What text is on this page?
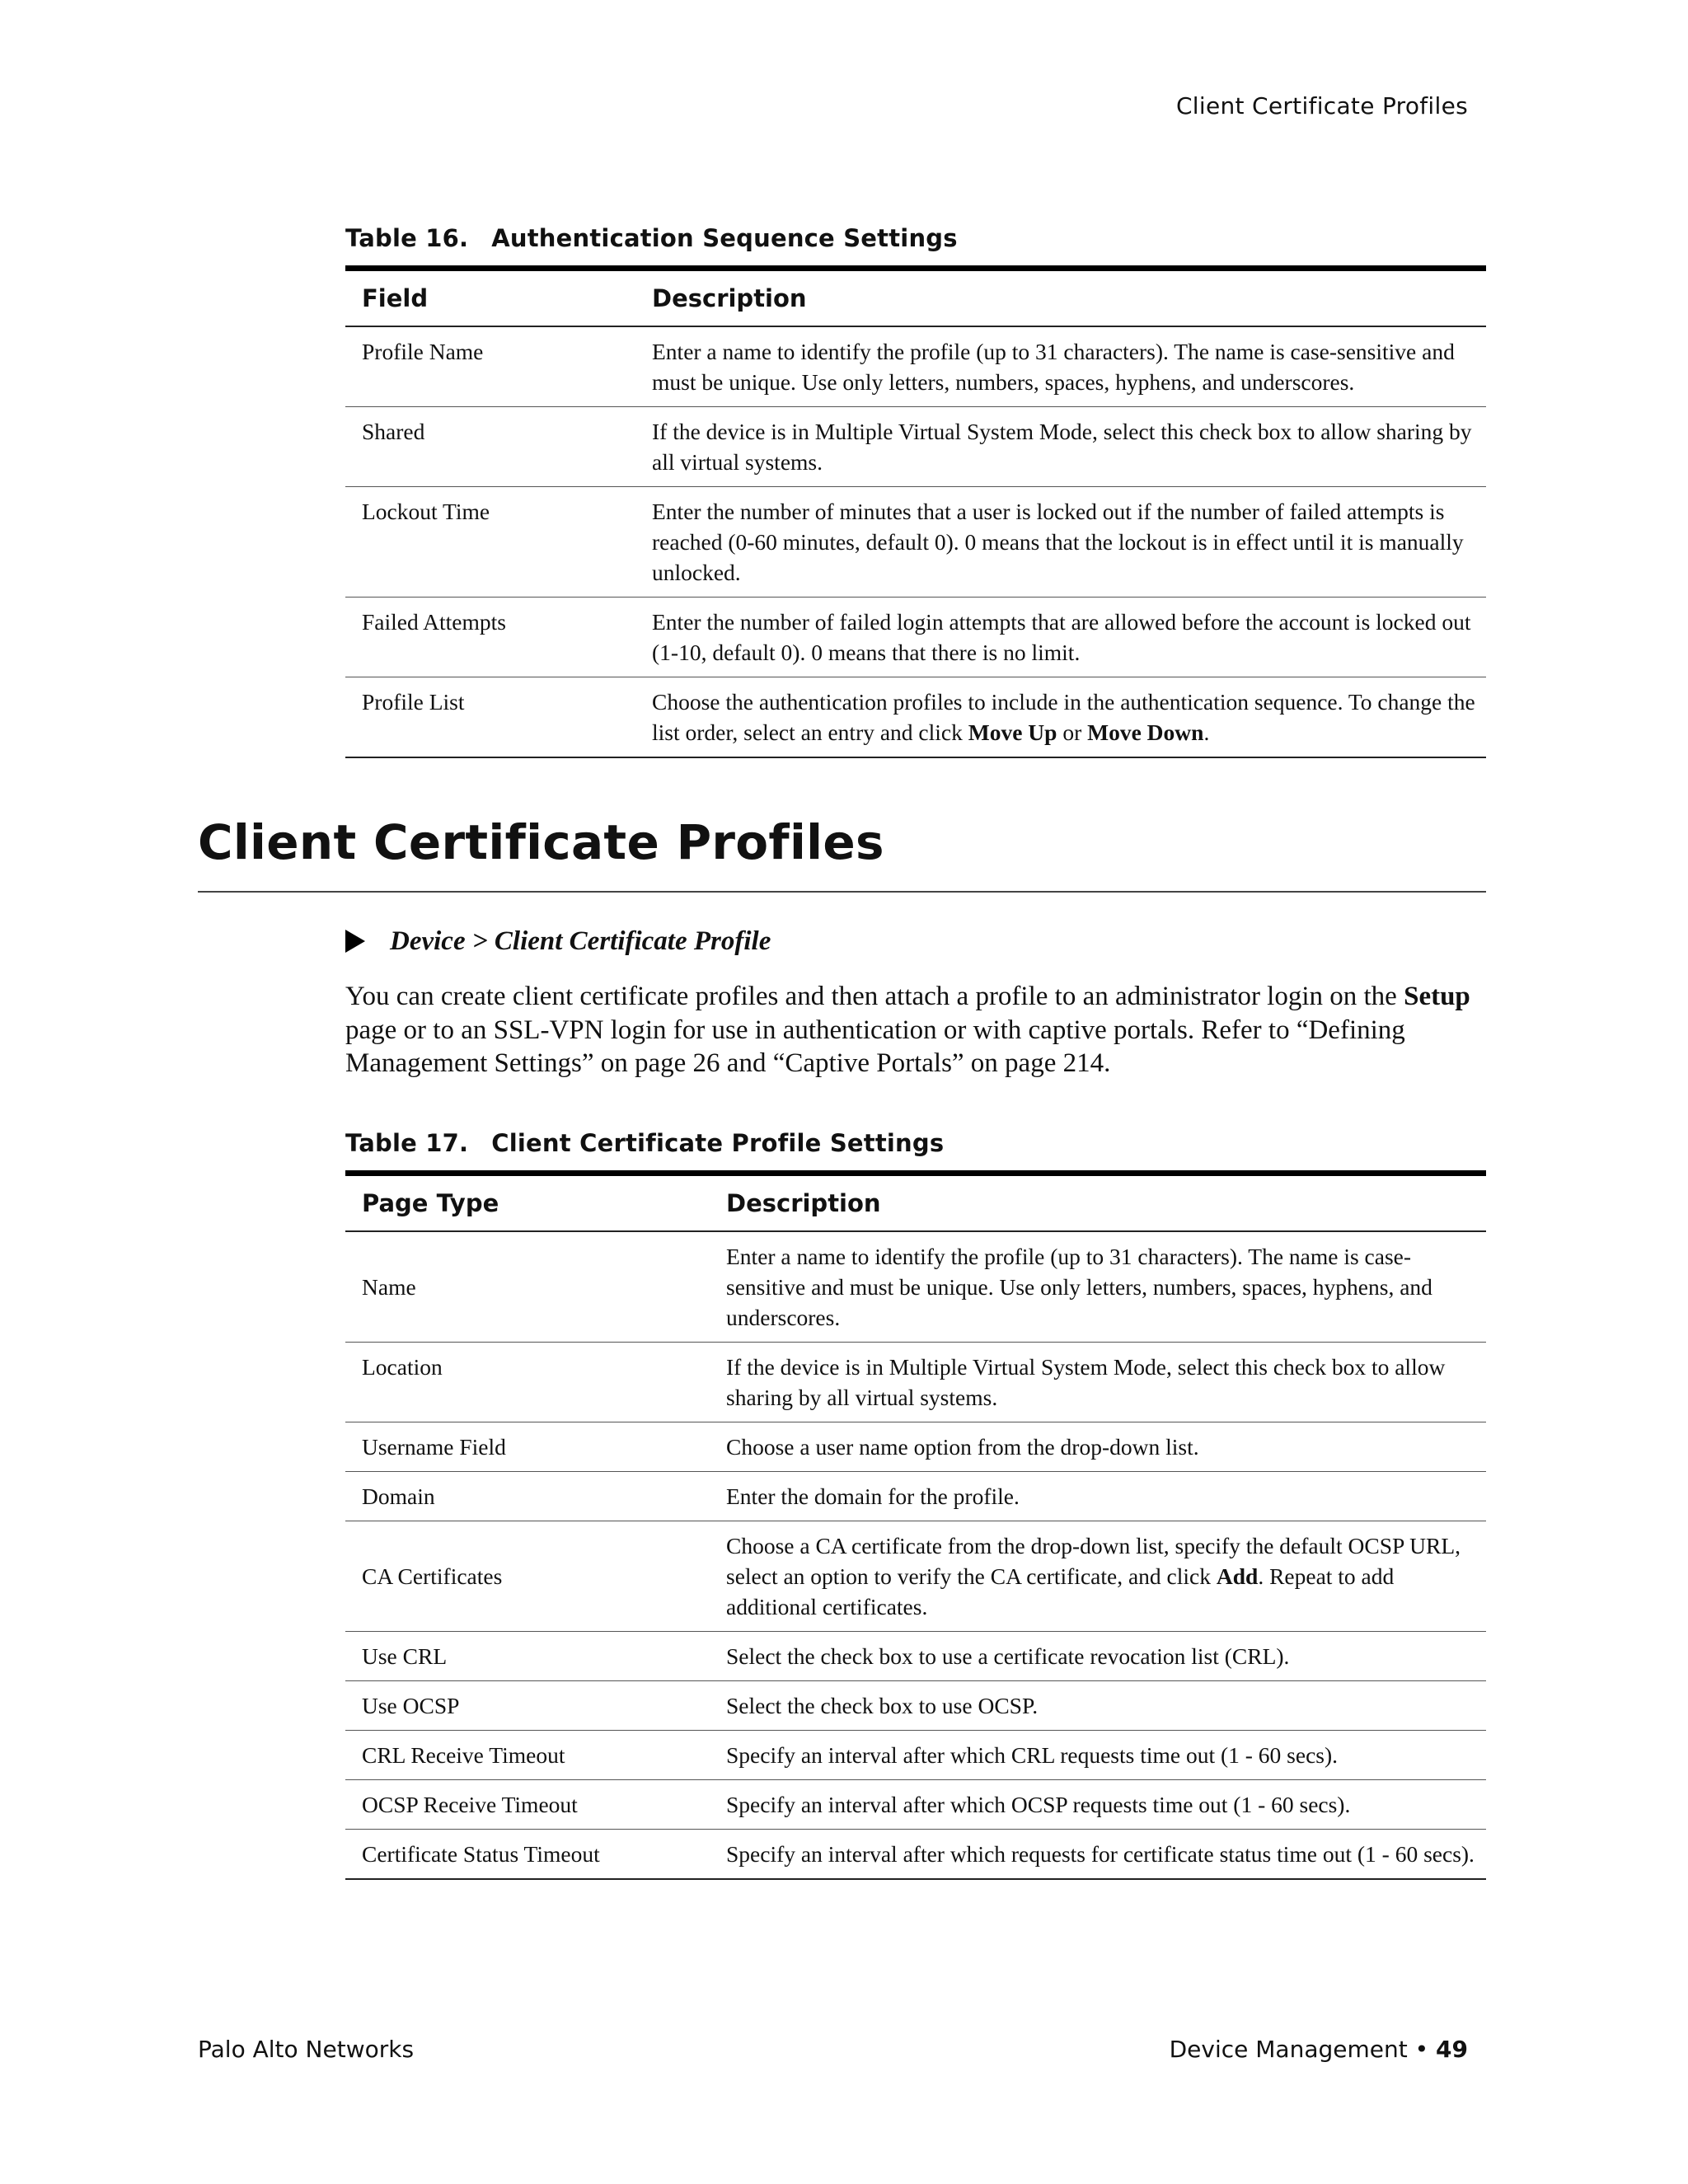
Client Certificate Profiles
Table 16. Authentication Sequence Settings
Field	Description
Profile Name	Enter a name to identify the profile (up to 31 characters). The name is case-sensitive and must be unique. Use only letters, numbers, spaces, hyphens, and underscores.
Shared	If the device is in Multiple Virtual System Mode, select this check box to allow sharing by all virtual systems.
Lockout Time	Enter the number of minutes that a user is locked out if the number of failed attempts is reached (0-60 minutes, default 0). 0 means that the lockout is in effect until it is manually unlocked.
Failed Attempts	Enter the number of failed login attempts that are allowed before the account is locked out (1-10, default 0). 0 means that there is no limit.
Profile List	Choose the authentication profiles to include in the authentication sequence. To change the list order, select an entry and click Move Up or Move Down.
Client Certificate Profiles
Device > Client Certificate Profile

You can create client certificate profiles and then attach a profile to an administrator login on the Setup page or to an SSL-VPN login for use in authentication or with captive portals. Refer to “Defining Management Settings” on page 26 and “Captive Portals” on page 214.

Table 17. Client Certificate Profile Settings
Page Type	Description
Name	Enter a name to identify the profile (up to 31 characters). The name is case-sensitive and must be unique. Use only letters, numbers, spaces, hyphens, and underscores.
Location	If the device is in Multiple Virtual System Mode, select this check box to allow sharing by all virtual systems.
Username Field	Choose a user name option from the drop-down list.
Domain	Enter the domain for the profile.
CA Certificates	Choose a CA certificate from the drop-down list, specify the default OCSP URL, select an option to verify the CA certificate, and click Add. Repeat to add additional certificates.
Use CRL	Select the check box to use a certificate revocation list (CRL).
Use OCSP	Select the check box to use OCSP.
CRL Receive Timeout	Specify an interval after which CRL requests time out (1 - 60 secs).
OCSP Receive Timeout	Specify an interval after which OCSP requests time out (1 - 60 secs).
Certificate Status Timeout	Specify an interval after which requests for certificate status time out (1 - 60 secs).
Palo Alto Networks	Device Management • 49
